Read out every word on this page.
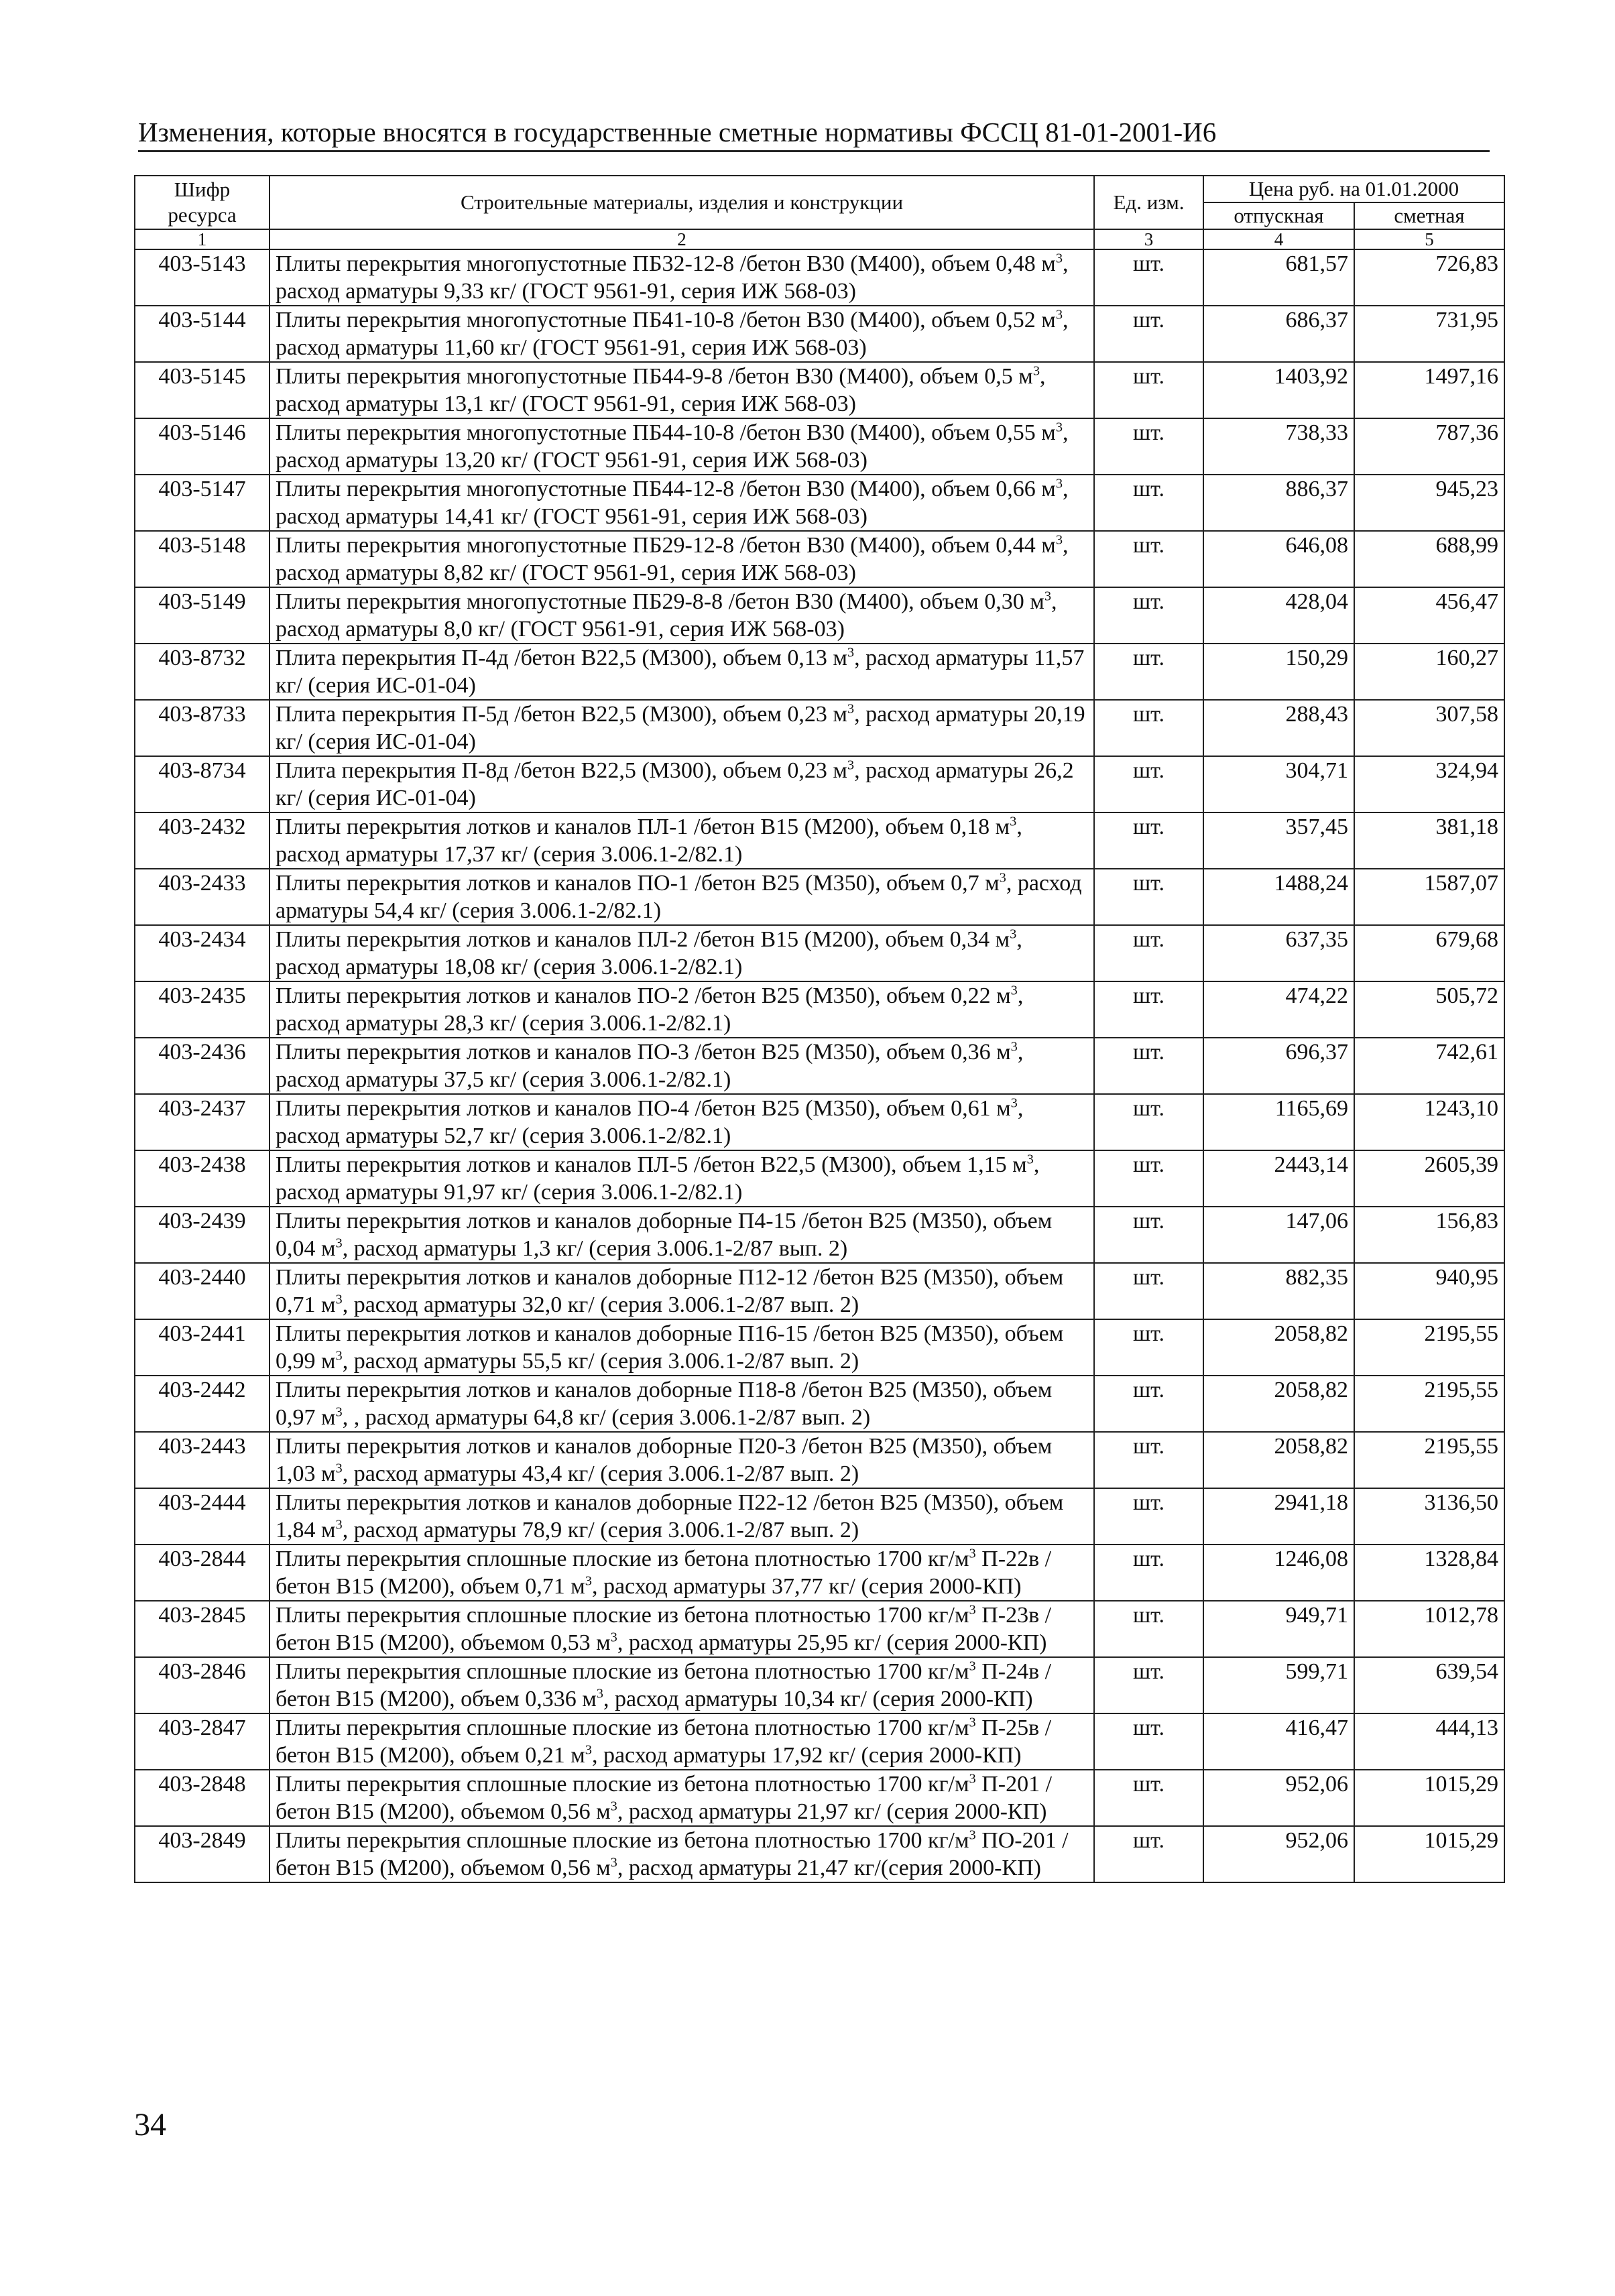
Изменения, которые вносятся в государственные сметные нормативы ФССЦ 81-01-2001-И6
Шифр ресурса	Строительные материалы, изделия и конструкции	Ед. изм.	Цена руб. на 01.01.2000	
			отпускная	сметная
1	2	3	4	5
403-5143	Плиты перекрытия многопустотные ПБ32-12-8 /бетон В30 (М400), объем 0,48 $м^3$, расход арматуры 9,33 кг/ (ГОСТ 9561-91, серия ИЖ 568-03)	шт.	681,57	726,83
403-5144	Плиты перекрытия многопустотные ПБ41-10-8 /бетон В30 (М400), объем 0,52 $м^3$, расход арматуры 11,60 кг/ (ГОСТ 9561-91, серия ИЖ 568-03)	шт.	686,37	731,95
403-5145	Плиты перекрытия многопустотные ПБ44-9-8 /бетон В30 (М400), объем 0,5 $м^3$, расход арматуры 13,1 кг/ (ГОСТ 9561-91, серия ИЖ 568-03)	шт.	1403,92	1497,16
403-5146	Плиты перекрытия многопустотные ПБ44-10-8 /бетон В30 (М400), объем 0,55 $м^3$, расход арматуры 13,20 кг/ (ГОСТ 9561-91, серия ИЖ 568-03)	шт.	738,33	787,36
403-5147	Плиты перекрытия многопустотные ПБ44-12-8 /бетон В30 (М400), объем 0,66 $м^3$, расход арматуры 14,41 кг/ (ГОСТ 9561-91, серия ИЖ 568-03)	шт.	886,37	945,23
403-5148	Плиты перекрытия многопустотные ПБ29-12-8 /бетон В30 (М400), объем 0,44 $м^3$, расход арматуры 8,82 кг/ (ГОСТ 9561-91, серия ИЖ 568-03)	шт.	646,08	688,99
403-5149	Плиты перекрытия многопустотные ПБ29-8-8 /бетон В30 (М400), объем 0,30 $м^3$, расход арматуры 8,0 кг/ (ГОСТ 9561-91, серия ИЖ 568-03)	шт.	428,04	456,47
403-8732	Плита перекрытия П-4д /бетон В22,5 (М300), объем 0,13 $м^3$, расход арматуры 11,57 кг/ (серия ИС-01-04)	шт.	150,29	160,27
403-8733	Плита перекрытия П-5д /бетон В22,5 (М300), объем 0,23 $м^3$, расход арматуры 20,19 кг/ (серия ИС-01-04)	шт.	288,43	307,58
403-8734	Плита перекрытия П-8д /бетон В22,5 (М300), объем 0,23 $м^3$, расход арматуры 26,2 кг/ (серия ИС-01-04)	шт.	304,71	324,94
403-2432	Плиты перекрытия лотков и каналов ПЛ-1 /бетон В15 (М200), объем 0,18 $м^3$, расход арматуры 17,37 кг/ (серия 3.006.1-2/82.1)	шт.	357,45	381,18
403-2433	Плиты перекрытия лотков и каналов ПО-1 /бетон В25 (М350), объем 0,7 $м^3$, расход арматуры 54,4 кг/ (серия 3.006.1-2/82.1)	шт.	1488,24	1587,07
403-2434	Плиты перекрытия лотков и каналов ПЛ-2 /бетон В15 (М200), объем 0,34 $м^3$, расход арматуры 18,08 кг/ (серия 3.006.1-2/82.1)	шт.	637,35	679,68
403-2435	Плиты перекрытия лотков и каналов ПО-2 /бетон В25 (М350), объем 0,22 $м^3$, расход арматуры 28,3 кг/ (серия 3.006.1-2/82.1)	шт.	474,22	505,72
403-2436	Плиты перекрытия лотков и каналов ПО-3 /бетон В25 (М350), объем 0,36 $м^3$, расход арматуры 37,5 кг/ (серия 3.006.1-2/82.1)	шт.	696,37	742,61
403-2437	Плиты перекрытия лотков и каналов ПО-4 /бетон В25 (М350), объем 0,61 $м^3$, расход арматуры 52,7 кг/ (серия 3.006.1-2/82.1)	шт.	1165,69	1243,10
403-2438	Плиты перекрытия лотков и каналов ПЛ-5 /бетон В22,5 (М300), объем 1,15 $м^3$, расход арматуры 91,97 кг/ (серия 3.006.1-2/82.1)	шт.	2443,14	2605,39
403-2439	Плиты перекрытия лотков и каналов доборные П4-15 /бетон В25 (М350), объем 0,04 $м^3$, расход арматуры 1,3 кг/ (серия 3.006.1-2/87 вып. 2)	шт.	147,06	156,83
403-2440	Плиты перекрытия лотков и каналов доборные П12-12 /бетон В25 (М350), объем 0,71 $м^3$, расход арматуры 32,0 кг/ (серия 3.006.1-2/87 вып. 2)	шт.	882,35	940,95
403-2441	Плиты перекрытия лотков и каналов доборные П16-15 /бетон В25 (М350), объем 0,99 $м^3$, расход арматуры 55,5 кг/ (серия 3.006.1-2/87 вып. 2)	шт.	2058,82	2195,55
403-2442	Плиты перекрытия лотков и каналов доборные П18-8 /бетон В25 (М350), объем 0,97 $м^3$, , расход арматуры 64,8 кг/ (серия 3.006.1-2/87 вып. 2)	шт.	2058,82	2195,55
403-2443	Плиты перекрытия лотков и каналов доборные П20-3 /бетон В25 (М350), объем 1,03 $м^3$, расход арматуры 43,4 кг/ (серия 3.006.1-2/87 вып. 2)	шт.	2058,82	2195,55
403-2444	Плиты перекрытия лотков и каналов доборные П22-12 /бетон В25 (М350), объем 1,84 $м^3$, расход арматуры 78,9 кг/ (серия 3.006.1-2/87 вып. 2)	шт.	2941,18	3136,50
403-2844	Плиты перекрытия сплошные плоские из бетона плотностью 1700 $кг/м^3$ П-22в /бетон В15 (М200), объем 0,71 $м^3$, расход арматуры 37,77 кг/ (серия 2000-КП)	шт.	1246,08	1328,84
403-2845	Плиты перекрытия сплошные плоские из бетона плотностью 1700 $кг/м^3$ П-23в /бетон В15 (М200), объемом 0,53 $м^3$, расход арматуры 25,95 кг/ (серия 2000-КП)	шт.	949,71	1012,78
403-2846	Плиты перекрытия сплошные плоские из бетона плотностью 1700 $кг/м^3$ П-24в /бетон В15 (М200), объем 0,336 $м^3$, расход арматуры 10,34 кг/ (серия 2000-КП)	шт.	599,71	639,54
403-2847	Плиты перекрытия сплошные плоские из бетона плотностью 1700 $кг/м^3$ П-25в /бетон В15 (М200), объем 0,21 $м^3$, расход арматуры 17,92 кг/ (серия 2000-КП)	шт.	416,47	444,13
403-2848	Плиты перекрытия сплошные плоские из бетона плотностью 1700 $кг/м^3$ П-201 /бетон В15 (М200), объемом 0,56 $м^3$, расход арматуры 21,97 кг/ (серия 2000-КП)	шт.	952,06	1015,29
403-2849	Плиты перекрытия сплошные плоские из бетона плотностью 1700 $кг/м^3$ ПО-201 /бетон В15 (М200), объемом 0,56 $м^3$, расход арматуры 21,47 кг/(серия 2000-КП)	шт.	952,06	1015,29
34
